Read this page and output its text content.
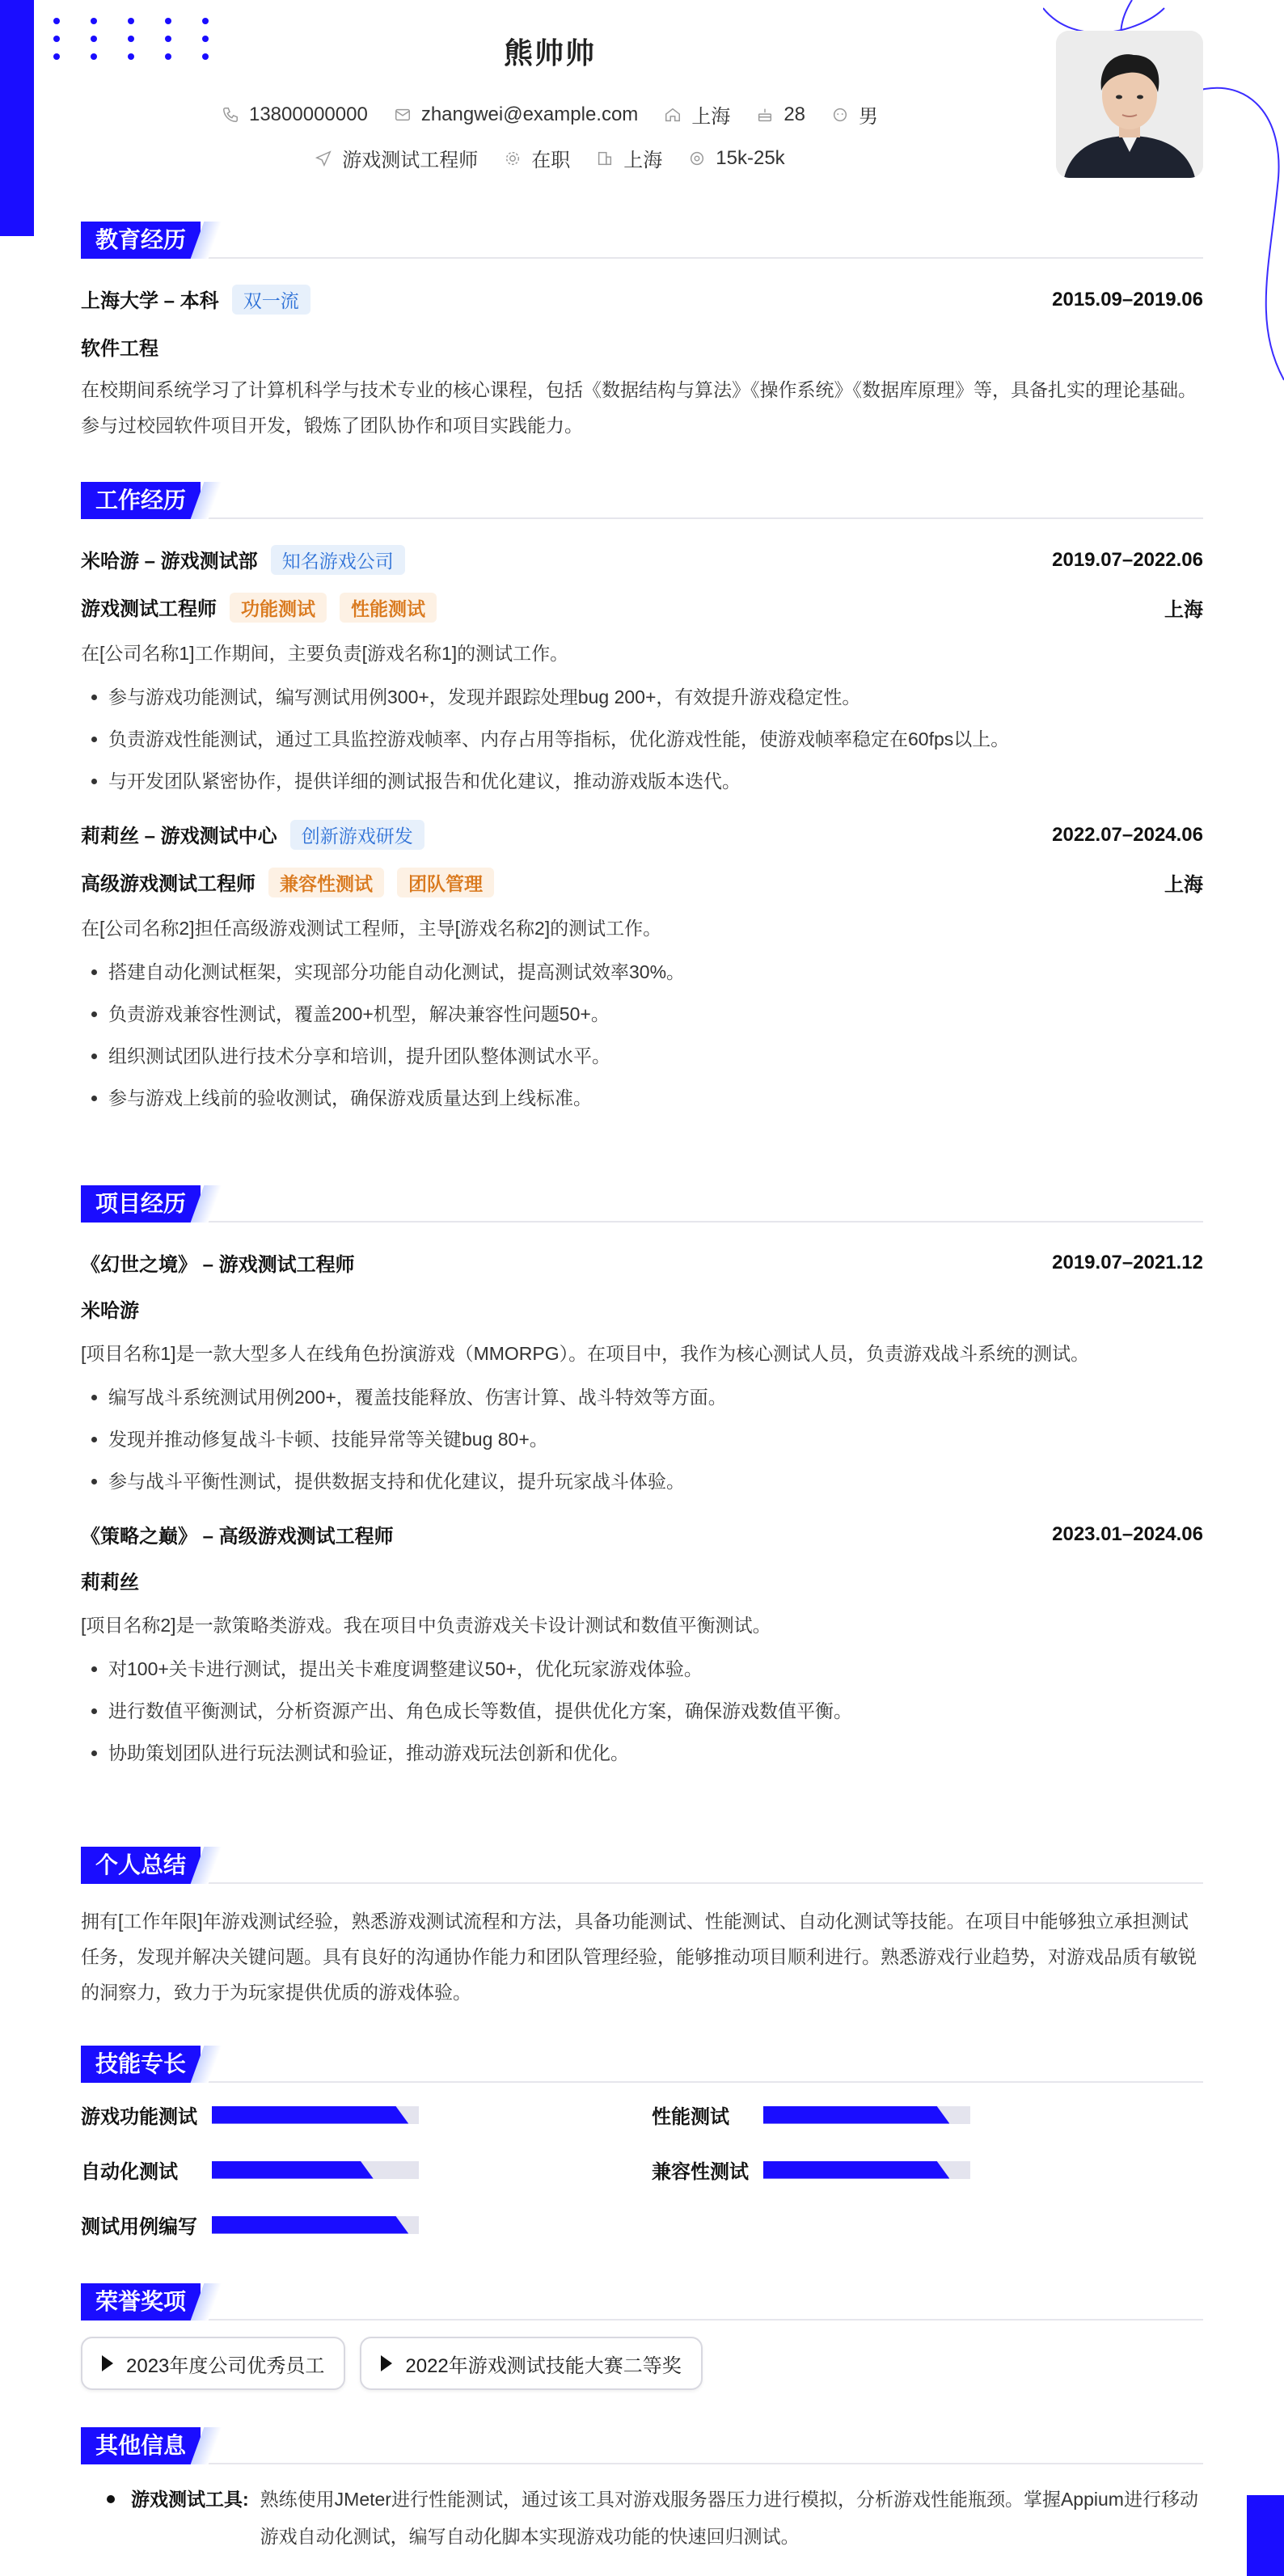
熊帅帅
13800000000	zhangwei@example.com	上海	28	男
游戏测试工程师	在职	上海	15k-25k
教育经历
上海大学 – 本科 双一流	2015.09–2019.06
软件工程
在校期间系统学习了计算机科学与技术专业的核心课程，包括《数据结构与算法》《操作系统》《数据库原理》等，具备扎实的理论基础。参与过校园软件项目开发，锻炼了团队协作和项目实践能力。
工作经历
米哈游 – 游戏测试部 知名游戏公司	2019.07–2022.06
游戏测试工程师 功能测试 性能测试	上海
在[公司名称1]工作期间，主要负责[游戏名称1]的测试工作。
• 参与游戏功能测试，编写测试用例300+，发现并跟踪处理bug 200+，有效提升游戏稳定性。
• 负责游戏性能测试，通过工具监控游戏帧率、内存占用等指标，优化游戏性能，使游戏帧率稳定在60fps以上。
• 与开发团队紧密协作，提供详细的测试报告和优化建议，推动游戏版本迭代。
莉莉丝 – 游戏测试中心 创新游戏研发	2022.07–2024.06
高级游戏测试工程师 兼容性测试 团队管理	上海
在[公司名称2]担任高级游戏测试工程师，主导[游戏名称2]的测试工作。
• 搭建自动化测试框架，实现部分功能自动化测试，提高测试效率30%。
• 负责游戏兼容性测试，覆盖200+机型，解决兼容性问题50+。
• 组织测试团队进行技术分享和培训，提升团队整体测试水平。
• 参与游戏上线前的验收测试，确保游戏质量达到上线标准。
项目经历
《幻世之境》 – 游戏测试工程师	2019.07–2021.12
米哈游
[项目名称1]是一款大型多人在线角色扮演游戏（MMORPG）。在项目中，我作为核心测试人员，负责游戏战斗系统的测试。
• 编写战斗系统测试用例200+，覆盖技能释放、伤害计算、战斗特效等方面。
• 发现并推动修复战斗卡顿、技能异常等关键bug 80+。
• 参与战斗平衡性测试，提供数据支持和优化建议，提升玩家战斗体验。
《策略之巅》 – 高级游戏测试工程师	2023.01–2024.06
莉莉丝
[项目名称2]是一款策略类游戏。我在项目中负责游戏关卡设计测试和数值平衡测试。
• 对100+关卡进行测试，提出关卡难度调整建议50+，优化玩家游戏体验。
• 进行数值平衡测试，分析资源产出、角色成长等数值，提供优化方案，确保游戏数值平衡。
• 协助策划团队进行玩法测试和验证，推动游戏玩法创新和优化。
个人总结
拥有[工作年限]年游戏测试经验，熟悉游戏测试流程和方法，具备功能测试、性能测试、自动化测试等技能。在项目中能够独立承担测试任务，发现并解决关键问题。具有良好的沟通协作能力和团队管理经验，能够推动项目顺利进行。熟悉游戏行业趋势，对游戏品质有敏锐的洞察力，致力于为玩家提供优质的游戏体验。
技能专长
游戏功能测试	性能测试
自动化测试	兼容性测试
测试用例编写
荣誉奖项
2023年度公司优秀员工	2022年游戏测试技能大赛二等奖
其他信息
游戏测试工具: 熟练使用JMeter进行性能测试，通过该工具对游戏服务器压力进行模拟，分析游戏性能瓶颈。掌握Appium进行移动游戏自动化测试，编写自动化脚本实现游戏功能的快速回归测试。
